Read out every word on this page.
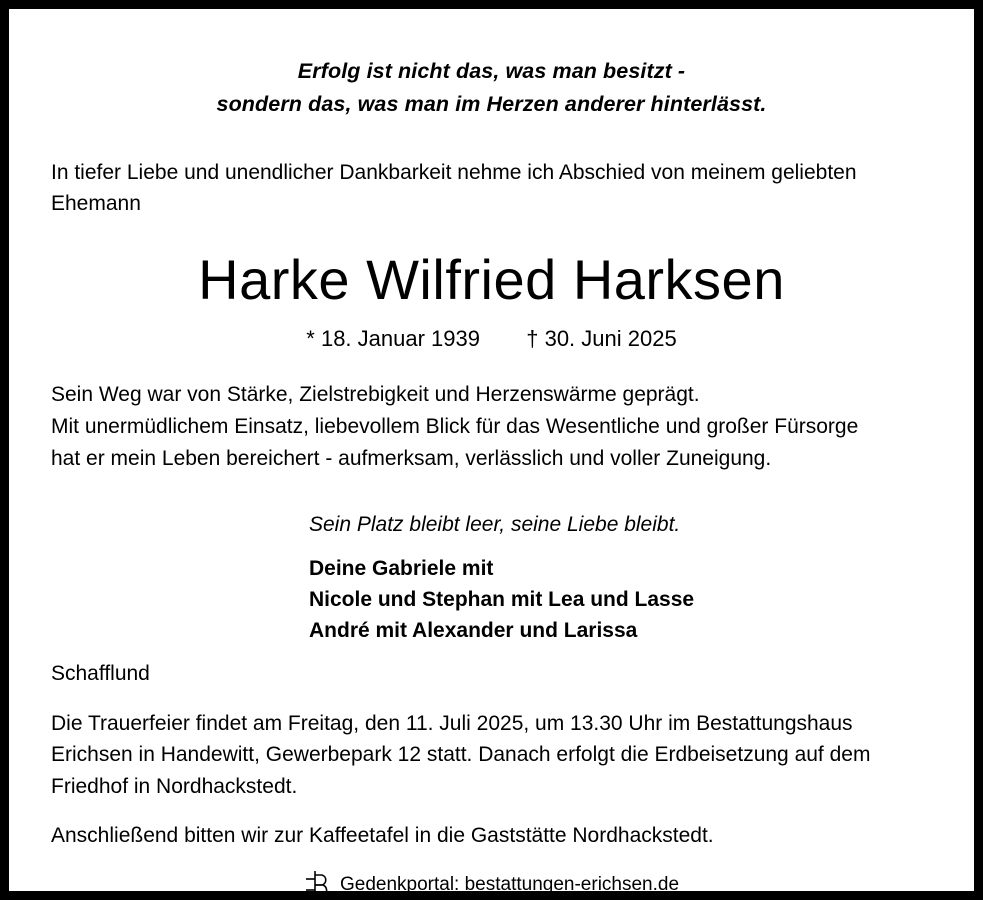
Erfolg ist nicht das, was man besitzt -
sondern das, was man im Herzen anderer hinterlässt.
In tiefer Liebe und unendlicher Dankbarkeit nehme ich Abschied von meinem geliebten
Ehemann
Harke Wilfried Harksen
* 18. Januar 1939 † 30. Juni 2025
Sein Weg war von Stärke, Zielstrebigkeit und Herzenswärme geprägt.
Mit unermüdlichem Einsatz, liebevollem Blick für das Wesentliche und großer Fürsorge
hat er mein Leben bereichert - aufmerksam, verlässlich und voller Zuneigung.
Sein Platz bleibt leer, seine Liebe bleibt.
Deine Gabriele mit
Nicole und Stephan mit Lea und Lasse
André mit Alexander und Larissa
Schafflund
Die Trauerfeier findet am Freitag, den 11. Juli 2025, um 13.30 Uhr im Bestattungshaus
Erichsen in Handewitt, Gewerbepark 12 statt. Danach erfolgt die Erdbeisetzung auf dem
Friedhof in Nordhackstedt.
Anschließend bitten wir zur Kaffeetafel in die Gaststätte Nordhackstedt.
Gedenkportal: bestattungen-erichsen.de
